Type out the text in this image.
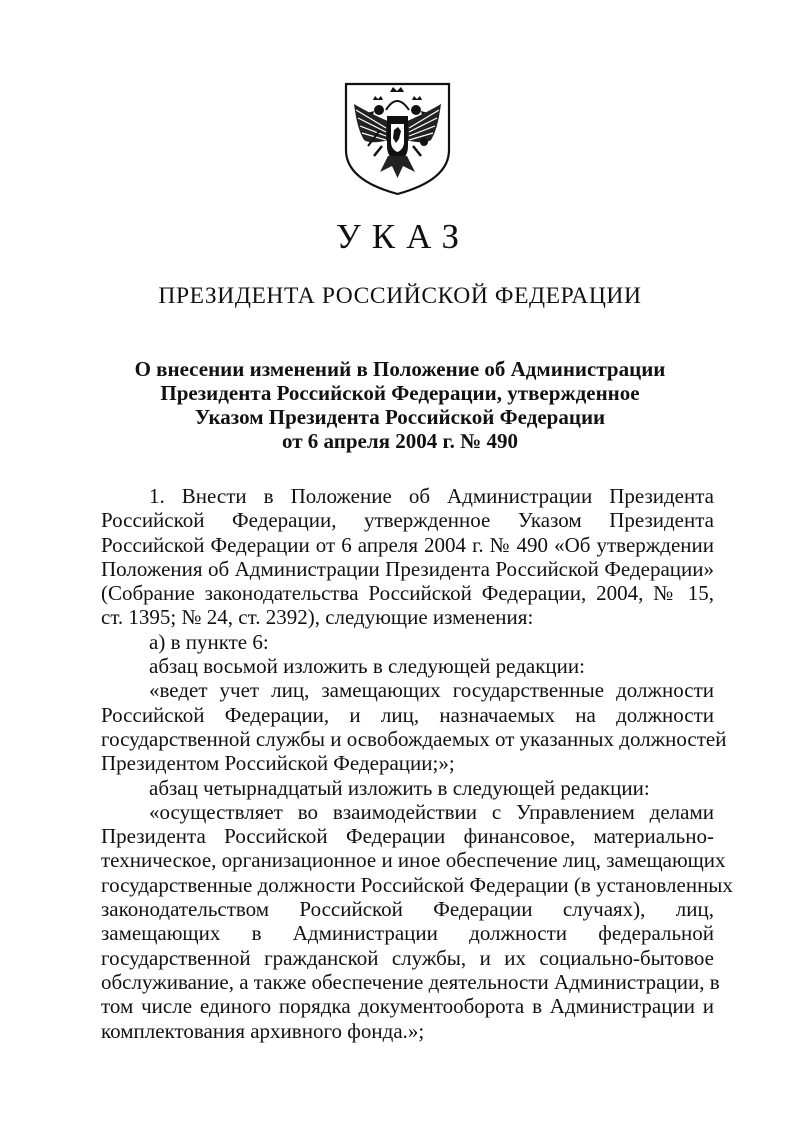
УКАЗ
ПРЕЗИДЕНТА РОССИЙСКОЙ ФЕДЕРАЦИИ
О внесении изменений в Положение об Администрации
Президента Российской Федерации, утвержденное
Указом Президента Российской Федерации
от 6 апреля 2004 г. № 490

1. Внести в Положение об Администрации Президента
Российской Федерации, утвержденное Указом Президента
Российской Федерации от 6 апреля 2004 г. № 490 «Об утверждении
Положения об Администрации Президента Российской Федерации»
(Собрание законодательства Российской Федерации, 2004, № 15,
ст. 1395; № 24, ст. 2392), следующие изменения:

а) в пункте 6:

абзац восьмой изложить в следующей редакции:

«ведет учет лиц, замещающих государственные должности
Российской Федерации, и лиц, назначаемых на должности
государственной службы и освобождаемых от указанных должностей
Президентом Российской Федерации;»;

абзац четырнадцатый изложить в следующей редакции:

«осуществляет во взаимодействии с Управлением делами
Президента Российской Федерации финансовое, материально-
техническое, организационное и иное обеспечение лиц, замещающих
государственные должности Российской Федерации (в установленных
законодательством Российской Федерации случаях), лиц,
замещающих в Администрации должности федеральной
государственной гражданской службы, и их социально-бытовое
обслуживание, а также обеспечение деятельности Администрации, в
том числе единого порядка документооборота в Администрации и
комплектования архивного фонда.»;
